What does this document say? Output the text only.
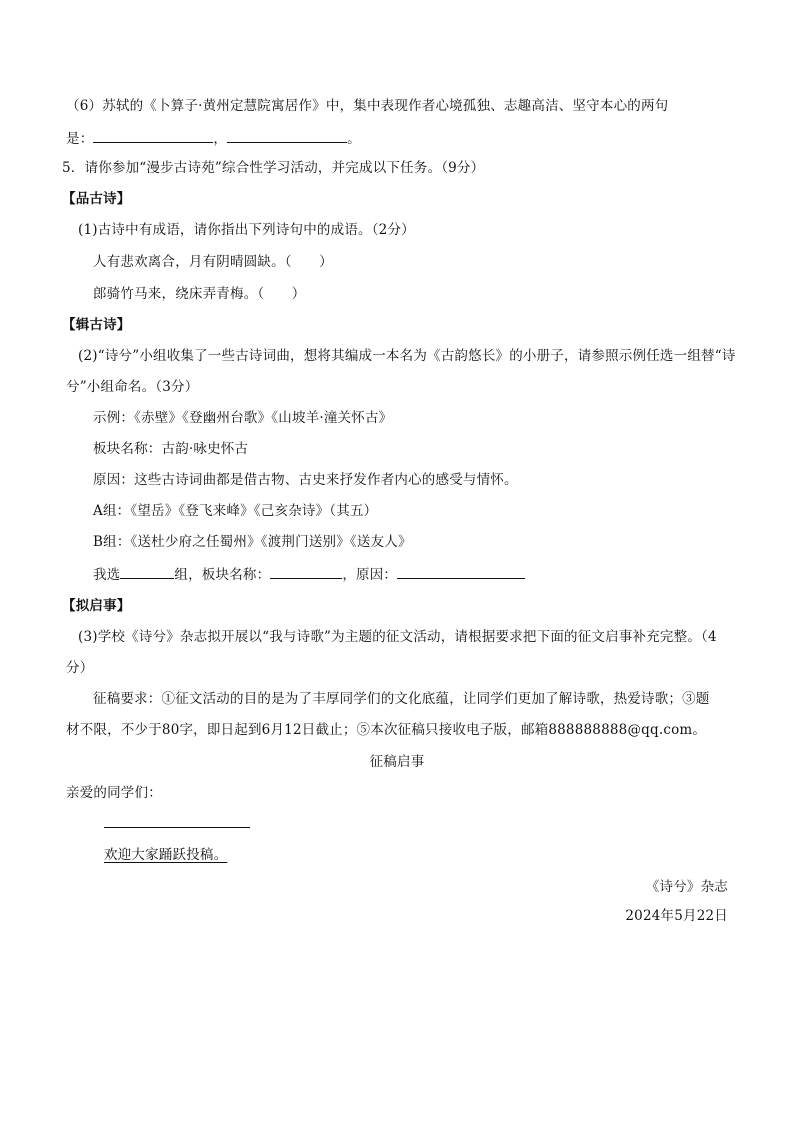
（6）苏轼的《卜算子·黄州定慧院寓居作》中，集中表现作者心境孤独、志趣高洁、坚守本心的两句
是：	，	。
5．请你参加“漫步古诗苑”综合性学习活动，并完成以下任务。（9分）
【品古诗】
(1)古诗中有成语，请你指出下列诗句中的成语。（2分）
人有悲欢离合，月有阴晴圆缺。（　　）
郎骑竹马来，绕床弄青梅。（　　）
【辑古诗】
(2)“诗兮”小组收集了一些古诗词曲，想将其编成一本名为《古韵悠长》的小册子，请参照示例任选一组替“诗
兮”小组命名。（3分）
示例：《赤壁》《登幽州台歌》《山坡羊·潼关怀古》
板块名称：古韵·咏史怀古
原因：这些古诗词曲都是借古物、古史来抒发作者内心的感受与情怀。
A组：《望岳》《登飞来峰》《己亥杂诗》（其五）
B组：《送杜少府之任蜀州》《渡荆门送别》《送友人》
我选	组，板块名称：	，原因：
【拟启事】
(3)学校《诗兮》杂志拟开展以“我与诗歌”为主题的征文活动，请根据要求把下面的征文启事补充完整。（4
分）
征稿要求：①征文活动的目的是为了丰厚同学们的文化底蕴，让同学们更加了解诗歌，热爱诗歌；③题
材不限，不少于80字，即日起到6月12日截止；⑤本次征稿只接收电子版，邮箱888888888@qq.com。
征稿启事
亲爱的同学们：
欢迎大家踊跃投稿。
《诗兮》杂志
2024年5月22日
